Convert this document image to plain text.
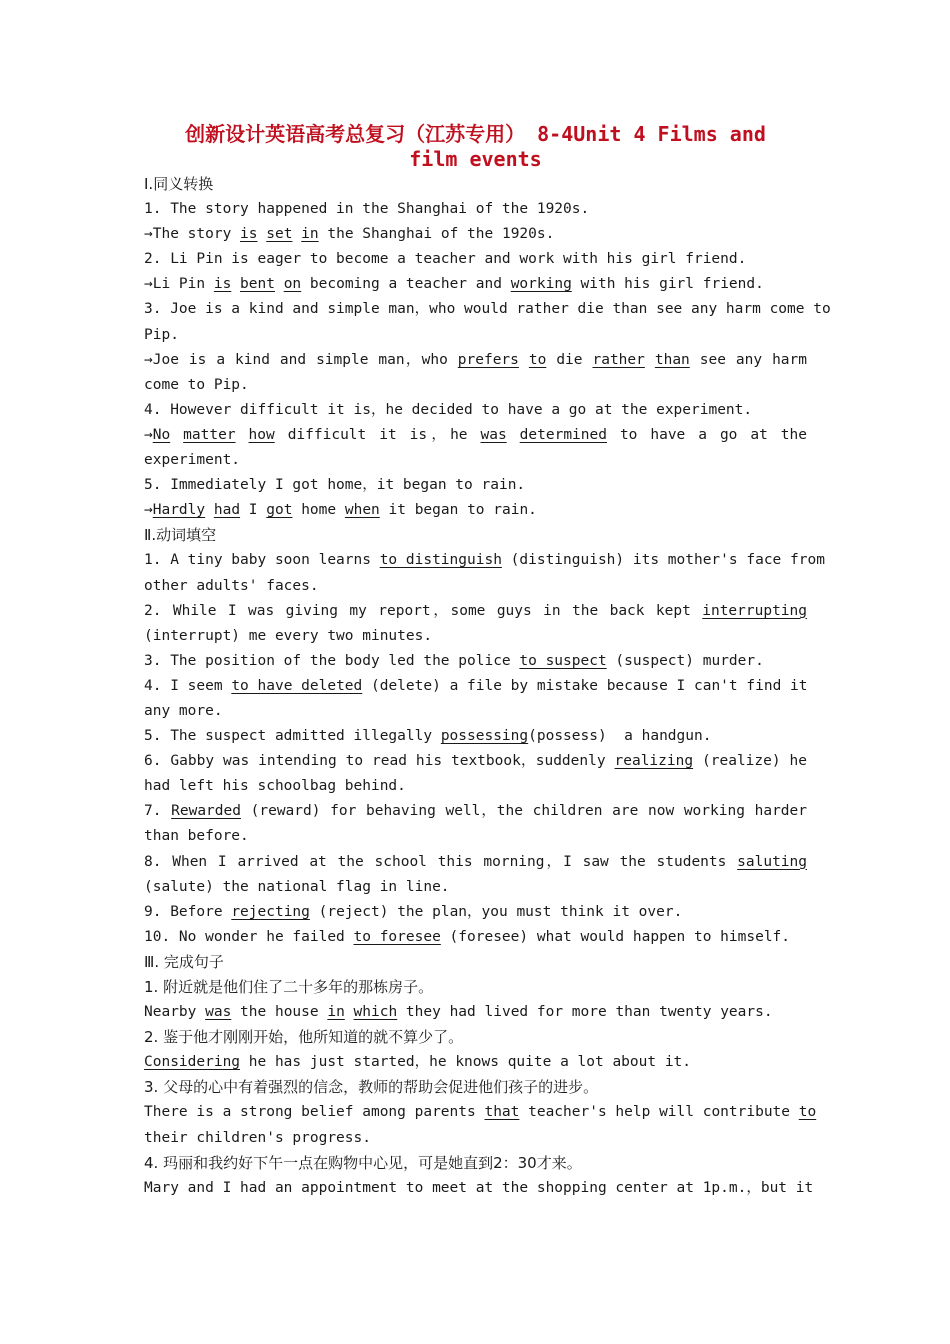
创新设计英语高考总复习（江苏专用） 8-4Unit 4 Films and
film events
Ⅰ.同义转换
1. The story happened in the Shanghai of the 1920s.
→The story is set in the Shanghai of the 1920s.
2. Li Pin is eager to become a teacher and work with his girl friend.
→Li Pin is bent on becoming a teacher and working with his girl friend.
3. Joe is a kind and simple man，who would rather die than see any harm come to
Pip.
→Joe is a kind and simple man，who prefers to die rather than see any harm
come to Pip.
4. However difficult it is，he decided to have a go at the experiment.
→No matter how difficult it is，he was determined to have a go at the
experiment.
5. Immediately I got home，it began to rain.
→Hardly had I got home when it began to rain.
Ⅱ.动词填空
1. A tiny baby soon learns to distinguish (distinguish) its mother's face from
other adults' faces.
2. While I was giving my report，some guys in the back kept interrupting
(interrupt) me every two minutes.
3. The position of the body led the police to suspect (suspect) murder.
4. I seem to have deleted (delete) a file by mistake because I can't find it
any more.
5. The suspect admitted illegally possessing(possess)  a handgun.
6. Gabby was intending to read his textbook，suddenly realizing (realize) he
had left his schoolbag behind.
7. Rewarded (reward) for behaving well，the children are now working harder
than before.
8. When I arrived at the school this morning，I saw the students saluting
(salute) the national flag in line.
9. Before rejecting (reject) the plan，you must think it over.
10. No wonder he failed to foresee (foresee) what would happen to himself.
Ⅲ. 完成句子
1. 附近就是他们住了二十多年的那栋房子。
Nearby was the house in which they had lived for more than twenty years.
2. 鉴于他才刚刚开始，他所知道的就不算少了。
Considering he has just started，he knows quite a lot about it.
3. 父母的心中有着强烈的信念，教师的帮助会促进他们孩子的进步。
There is a strong belief among parents that teacher's help will contribute to
their children's progress.
4. 玛丽和我约好下午一点在购物中心见，可是她直到2：30才来。
Mary and I had an appointment to meet at the shopping center at 1p.m.，but it
